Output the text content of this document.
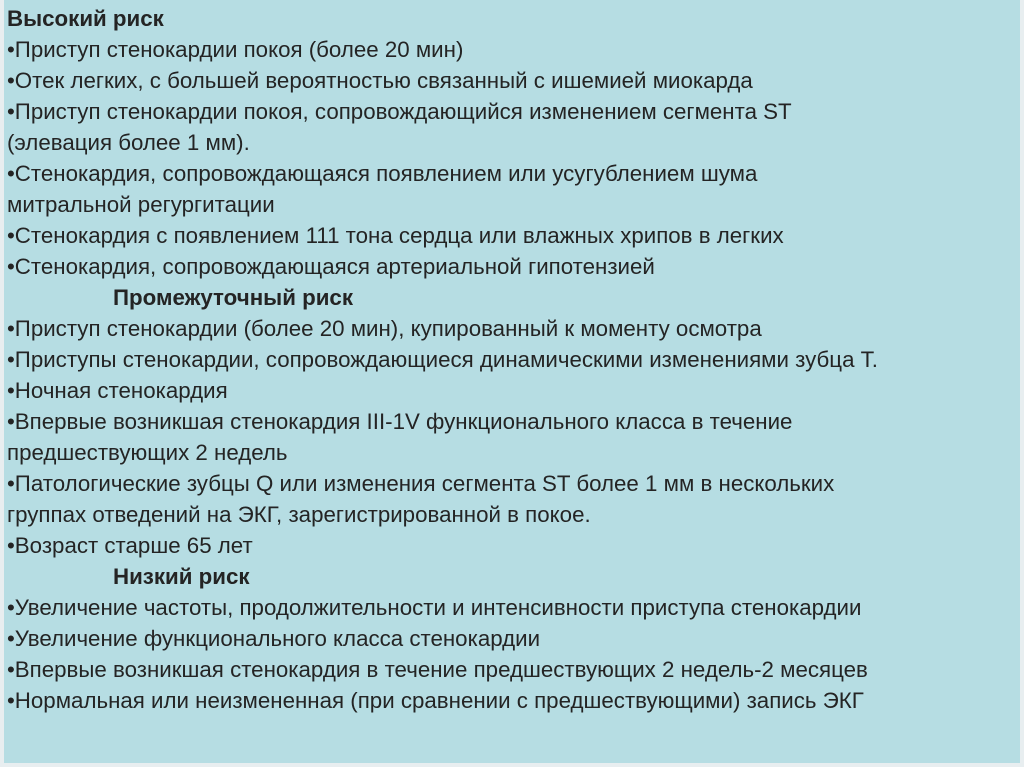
Высокий риск
•Приступ стенокардии покоя (более 20 мин)
•Отек легких, с большей вероятностью связанный с ишемией миокарда
•Приступ стенокардии покоя, сопровождающийся изменением сегмента ST
(элевация более 1 мм).
•Стенокардия, сопровождающаяся появлением или усугублением шума
митральной регургитации
•Стенокардия с появлением 111 тона сердца или влажных хрипов в легких
•Стенокардия, сопровождающаяся артериальной гипотензией
Промежуточный риск
•Приступ стенокардии (более 20 мин), купированный к моменту осмотра
•Приступы стенокардии, сопровождающиеся динамическими изменениями зубца Т.
•Ночная стенокардия
•Впервые возникшая стенокардия III-1V функционального класса в течение
предшествующих 2 недель
•Патологические зубцы Q или изменения сегмента ST более 1 мм в нескольких
группах отведений на ЭКГ, зарегистрированной в покое.
•Возраст старше 65 лет
Низкий риск
•Увеличение частоты, продолжительности и интенсивности приступа стенокардии
•Увеличение функционального класса стенокардии
•Впервые возникшая стенокардия в течение предшествующих 2 недель-2 месяцев
•Нормальная или неизмененная (при сравнении с предшествующими) запись ЭКГ
